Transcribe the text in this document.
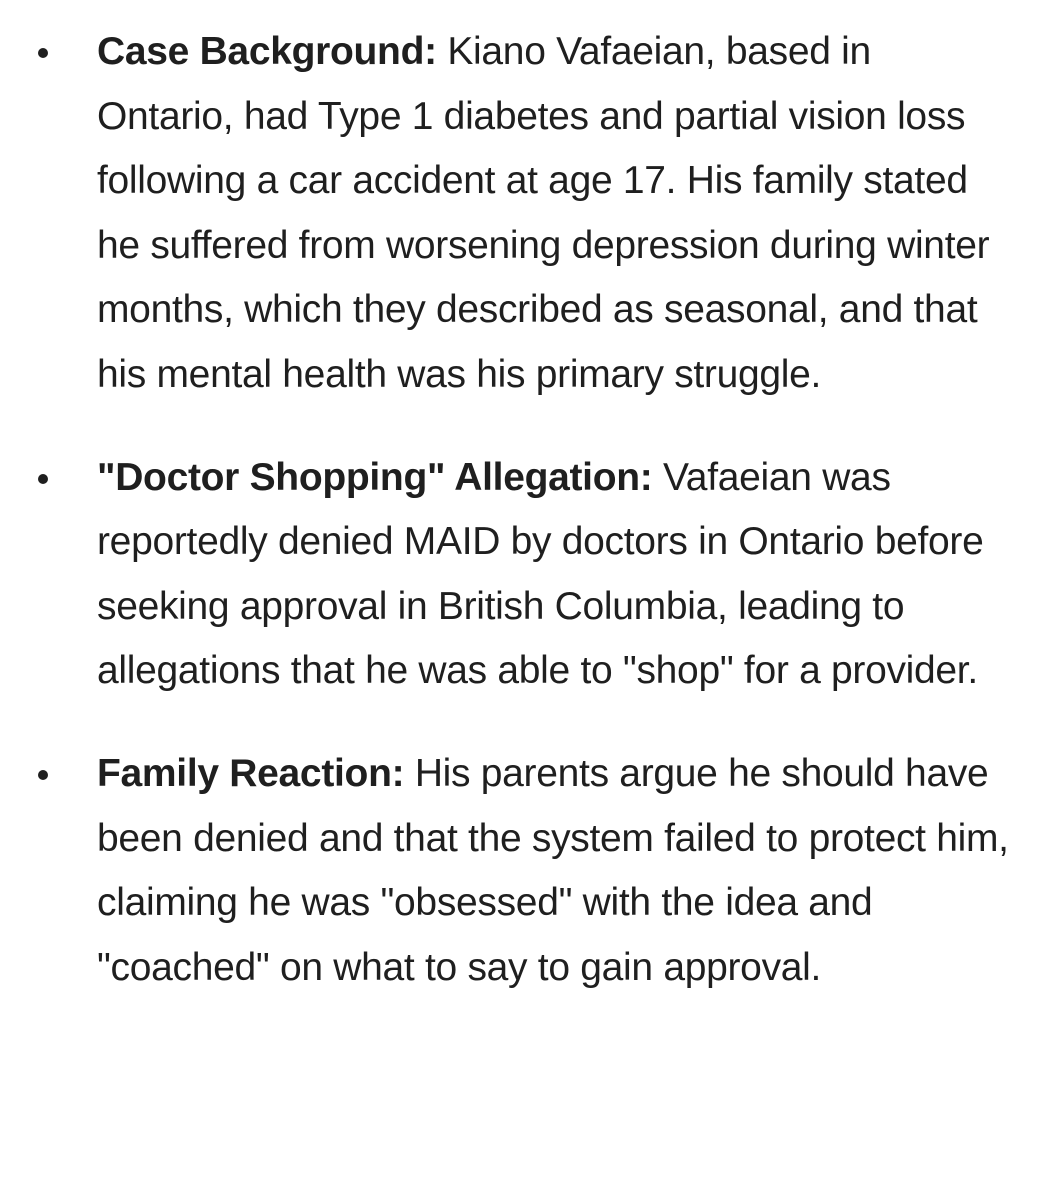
Case Background: Kiano Vafaeian, based in Ontario, had Type 1 diabetes and partial vision loss following a car accident at age 17. His family stated he suffered from worsening depression during winter months, which they described as seasonal, and that his mental health was his primary struggle.
"Doctor Shopping" Allegation: Vafaeian was reportedly denied MAID by doctors in Ontario before seeking approval in British Columbia, leading to allegations that he was able to "shop" for a provider.
Family Reaction: His parents argue he should have been denied and that the system failed to protect him, claiming he was "obsessed" with the idea and "coached" on what to say to gain approval.
